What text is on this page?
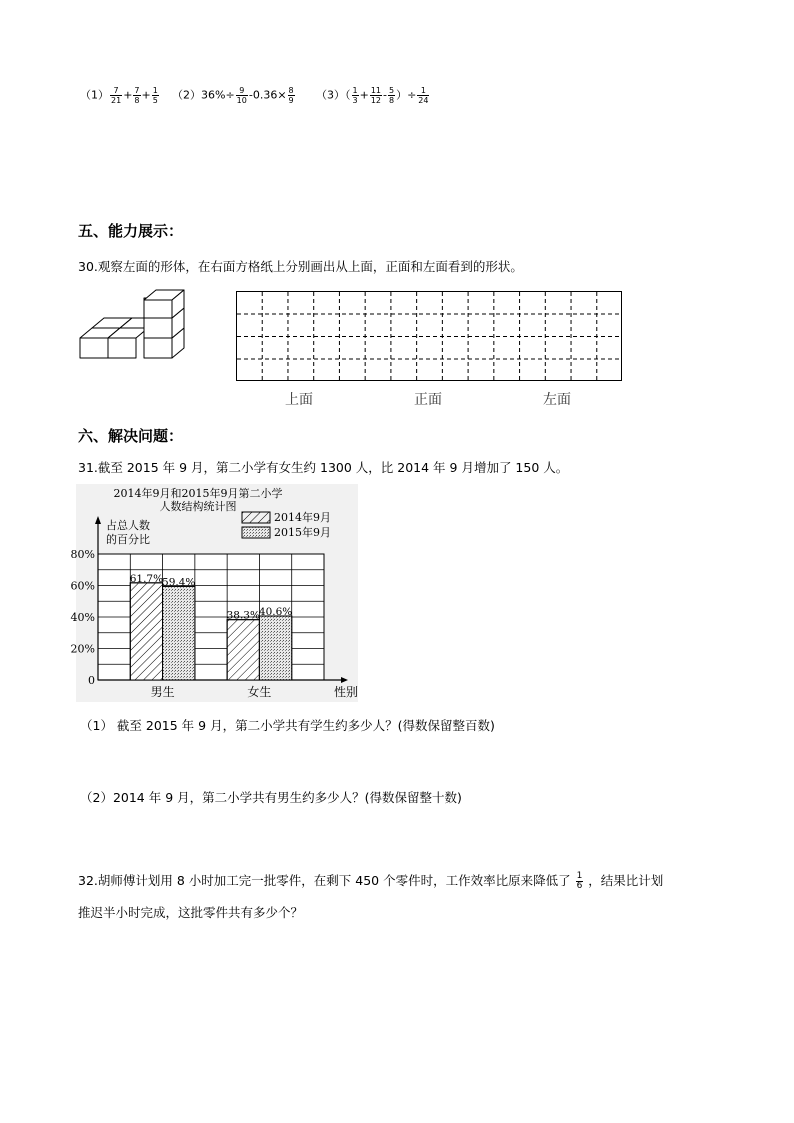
$(1) \frac{7}{21} + \frac{7}{8} + \frac{1}{5} (2)36\%\div \frac{9}{10} -0.36\times \frac{8}{9} (3)( \frac{1}{3} + \frac{11}{12} - \frac{5}{8}$ ）÷ $\frac{1}{24}$
五、能力展示：
30.观察左面的形体，在右面方格纸上分别画出从上面，正面和左面看到的形状。
上面	正面	左面
六、解决问题：
31.截至 2015 年 9 月，第二小学有女生约 1300 人，比 2014 年 9 月增加了 150 人。
2014年9月和2015年9月第二小学
人数结构统计图
占总人数
的百分比
0
20%
40%
60%
80%
61.7%
59.4%
男生
38.3%
40.6%
女生
2014年9月
2015年9月
性别
（1） 截至 2015 年 9 月，第二小学共有学生约多少人？(得数保留整百数)
（2）2014 年 9 月，第二小学共有男生约多少人？(得数保留整十数)
32.胡师傅计划用 8 小时加工完一批零件，在剩下 450 个零件时，工作效率比原来降低了 $\frac{1}{6}$ ，结果比计划
推迟半小时完成，这批零件共有多少个？
